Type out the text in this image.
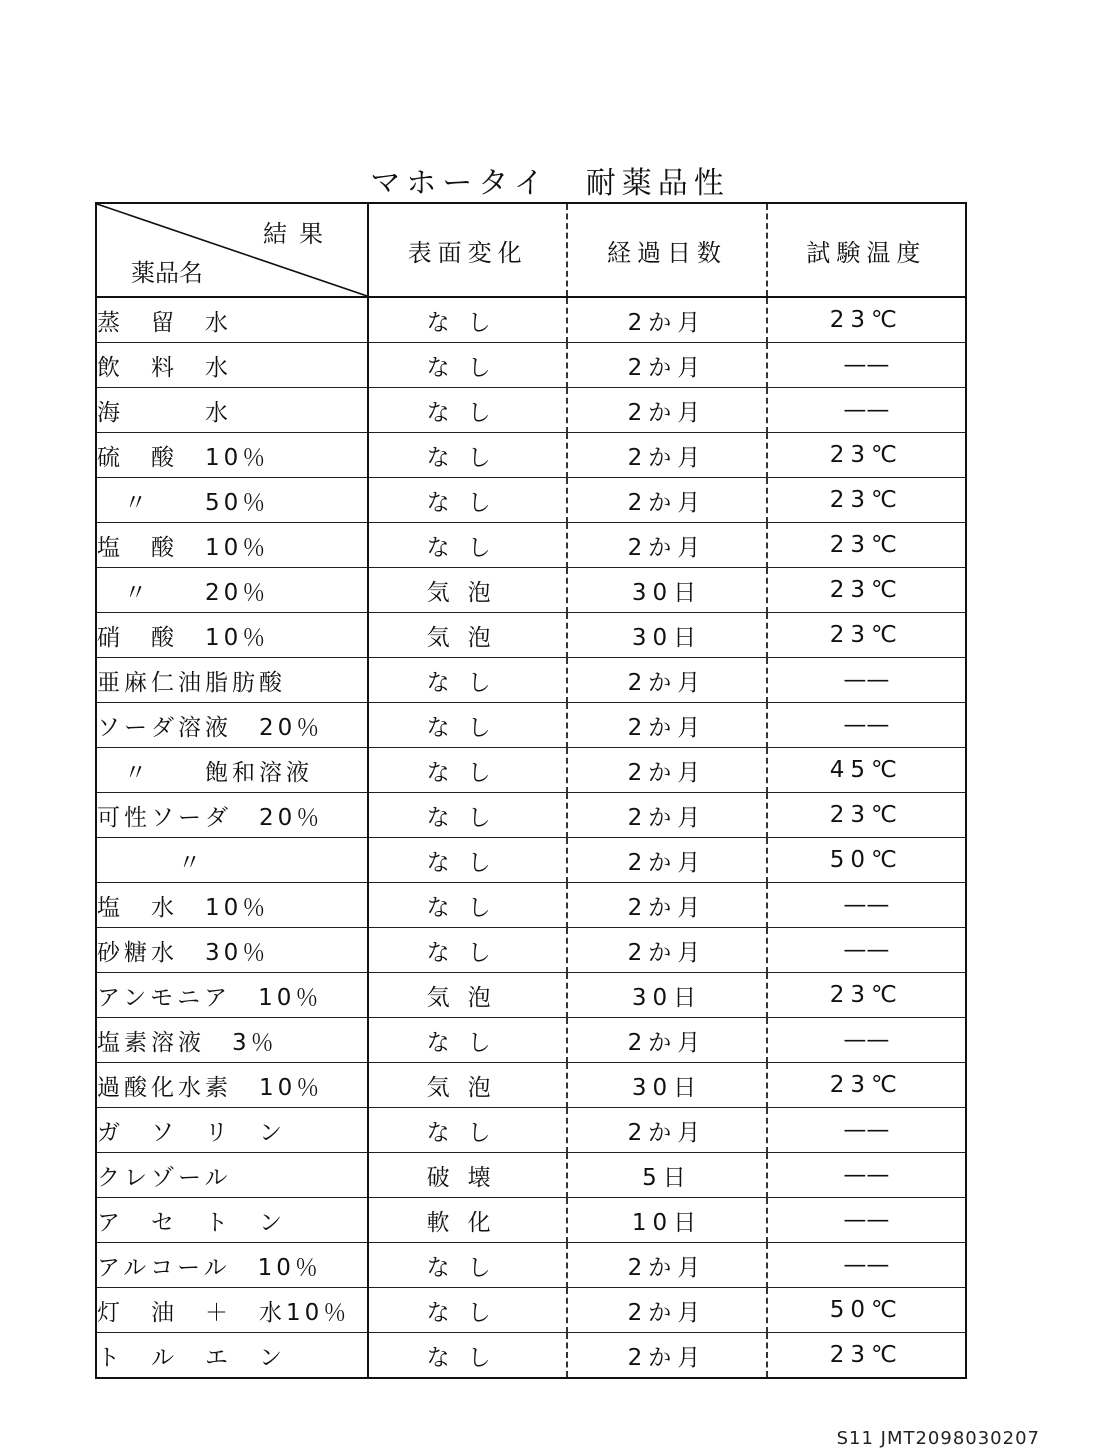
マホータイ　耐薬品性
結果
薬品名	表面変化	経過日数	試験温度
蒸　留　水	なし	2か月	23℃
飲　料　水	なし	2か月	——
海　　　水	なし	2か月	——
硫　酸　10％	なし	2か月	23℃
　〃　　50％	なし	2か月	23℃
塩　酸　10％	なし	2か月	23℃
　〃　　20％	気泡	30日	23℃
硝　酸　10％	気泡	30日	23℃
亜麻仁油脂肪酸	なし	2か月	——
ソーダ溶液　20％	なし	2か月	——
　〃　　飽和溶液	なし	2か月	45℃
可性ソーダ　20％	なし	2か月	23℃
　　　〃	なし	2か月	50℃
塩　水　10％	なし	2か月	——
砂糖水　30％	なし	2か月	——
アンモニア　10％	気泡	30日	23℃
塩素溶液　3％	なし	2か月	——
過酸化水素　10％	気泡	30日	23℃
ガ　ソ　リ　ン	なし	2か月	——
クレゾール	破壊	5日	——
ア　セ　ト　ン	軟化	10日	——
アルコール　10％	なし	2か月	——
灯　油　＋　水10％	なし	2か月	50℃
ト　ル　エ　ン	なし	2か月	23℃
S11 JMT2098030207
